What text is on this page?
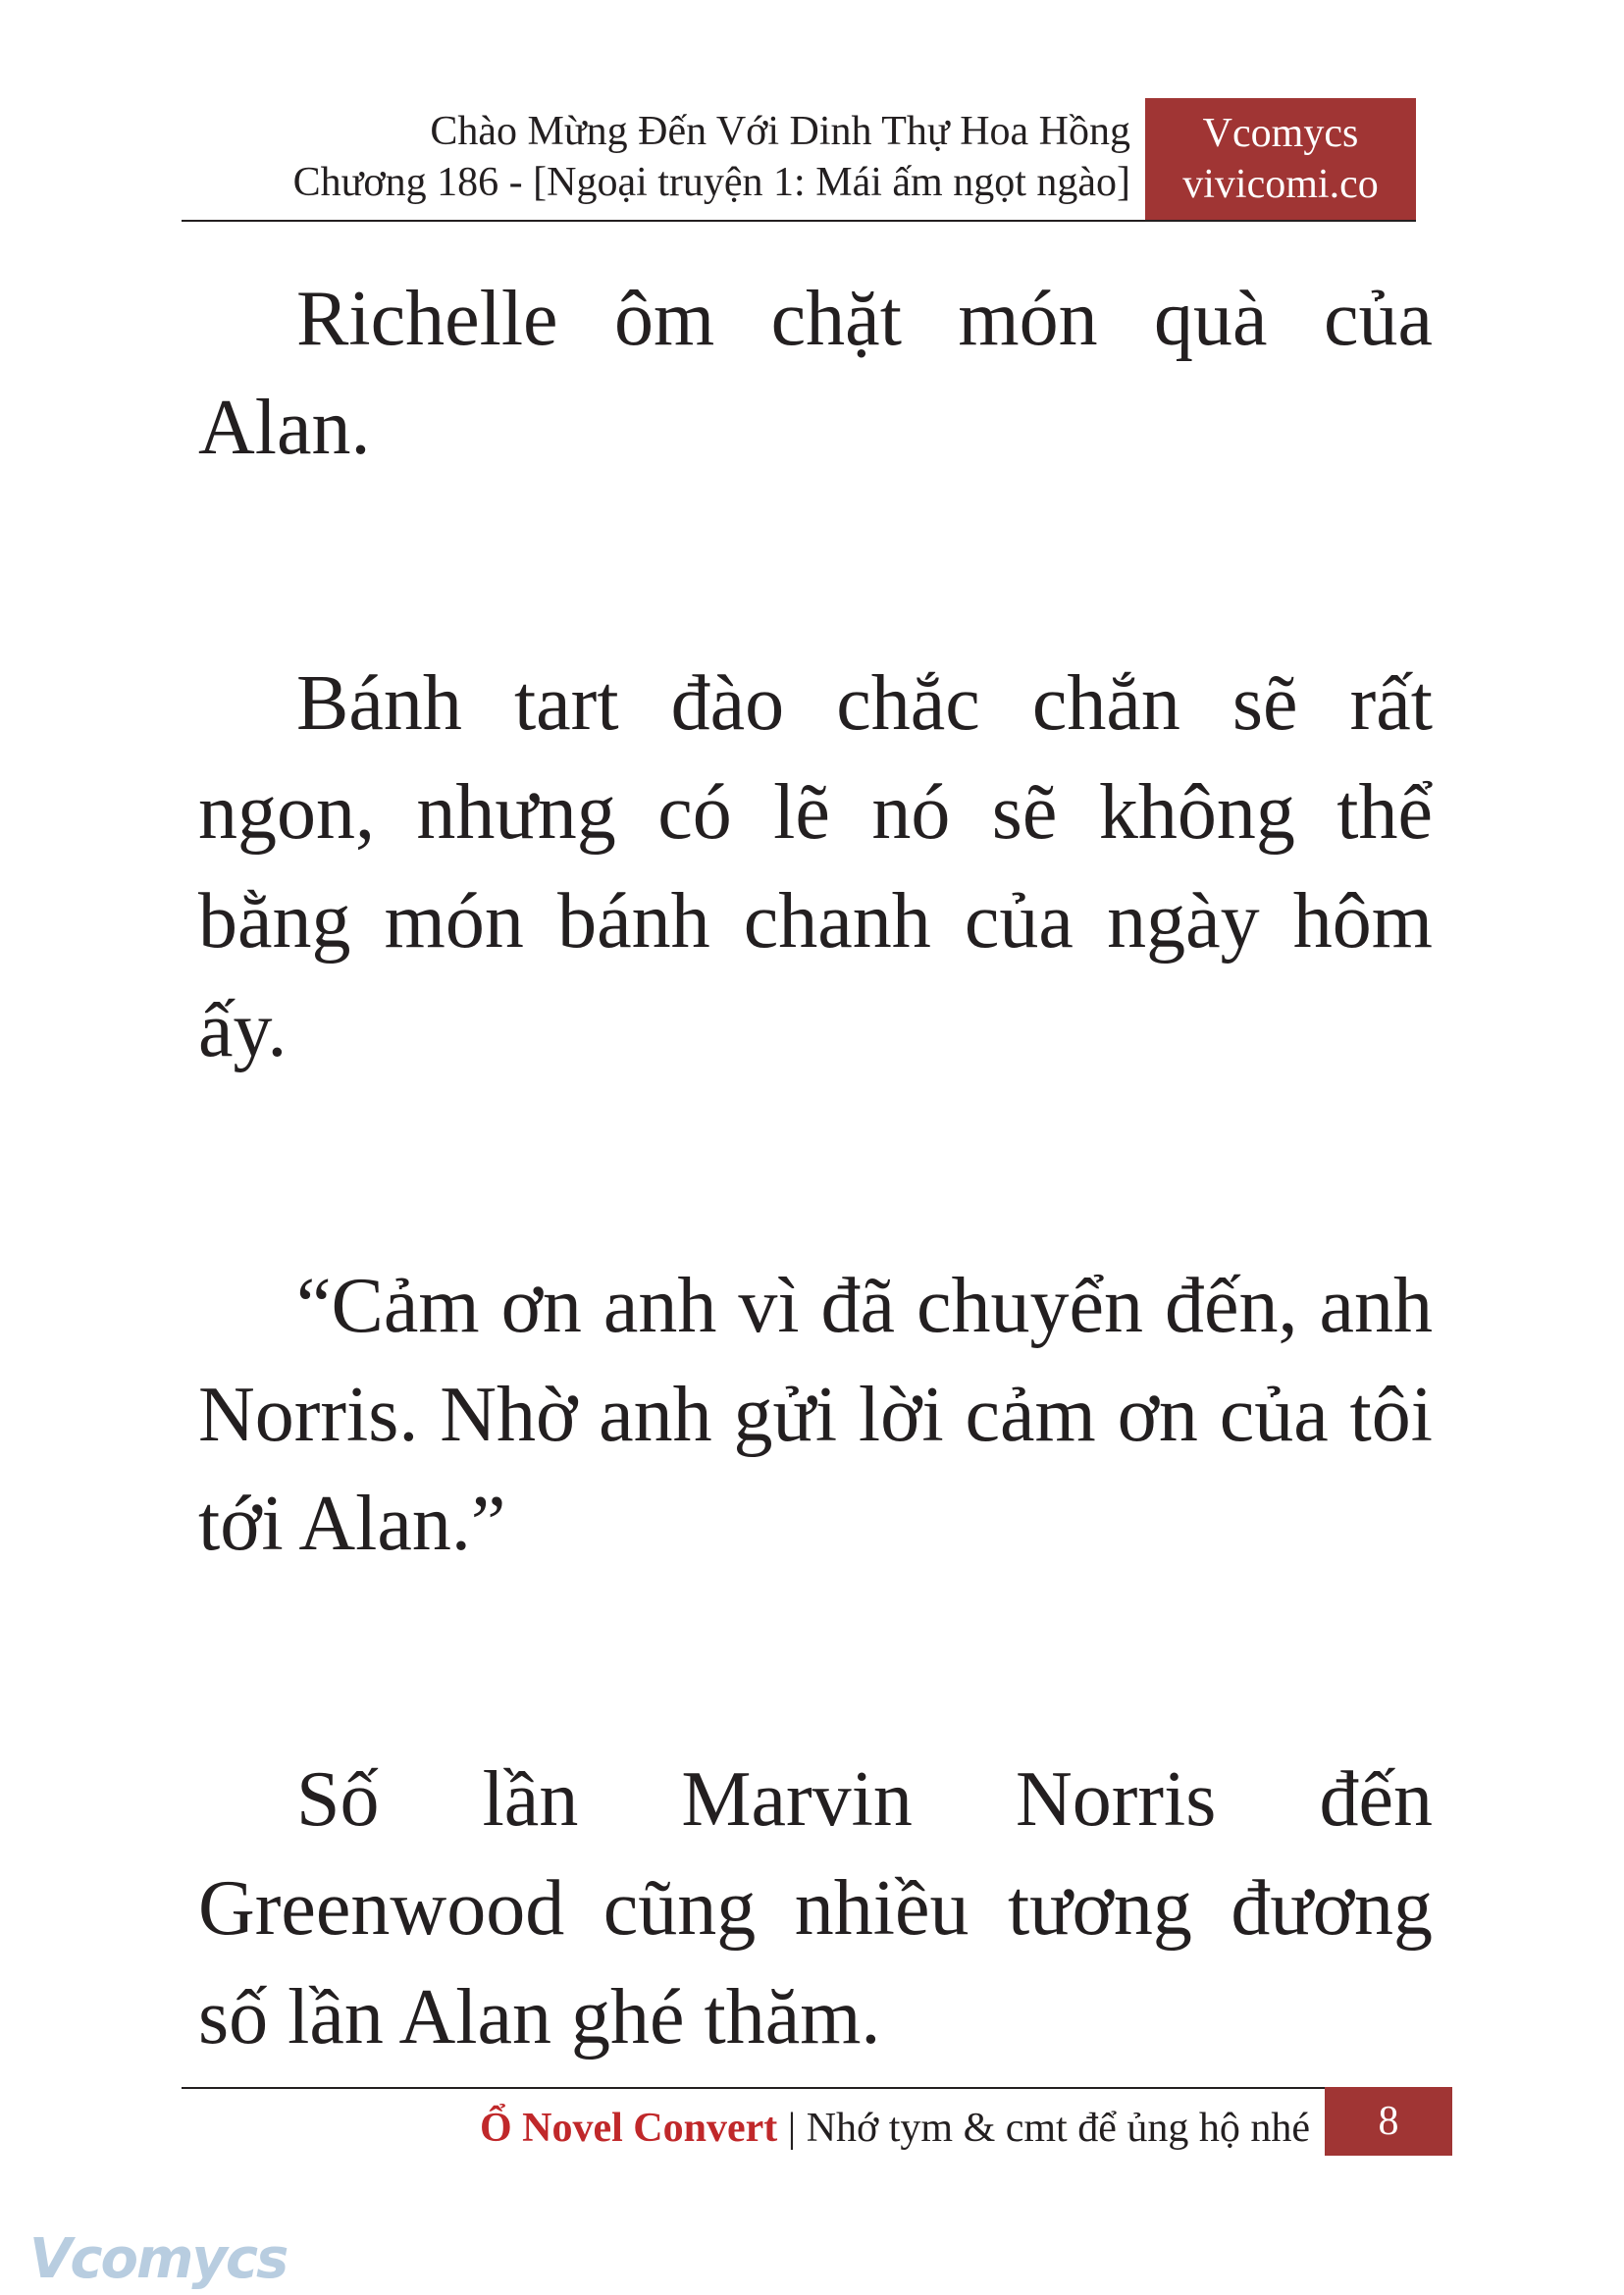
Chào Mừng Đến Với Dinh Thự Hoa Hồng
Chương 186 - [Ngoại truyện 1: Mái ấm ngọt ngào]
Vcomycs
vivicomi.co

Richelle ôm chặt món quà của Alan.

Bánh tart đào chắc chắn sẽ rất ngon, nhưng có lẽ nó sẽ không thể bằng món bánh chanh của ngày hôm ấy.

“Cảm ơn anh vì đã chuyển đến, anh Norris. Nhờ anh gửi lời cảm ơn của tôi tới Alan.”

Số lần Marvin Norris đến Greenwood cũng nhiều tương đương số lần Alan ghé thăm.

Ổ Novel Convert | Nhớ tym & cmt để ủng hộ nhé	8
Vcomycs
